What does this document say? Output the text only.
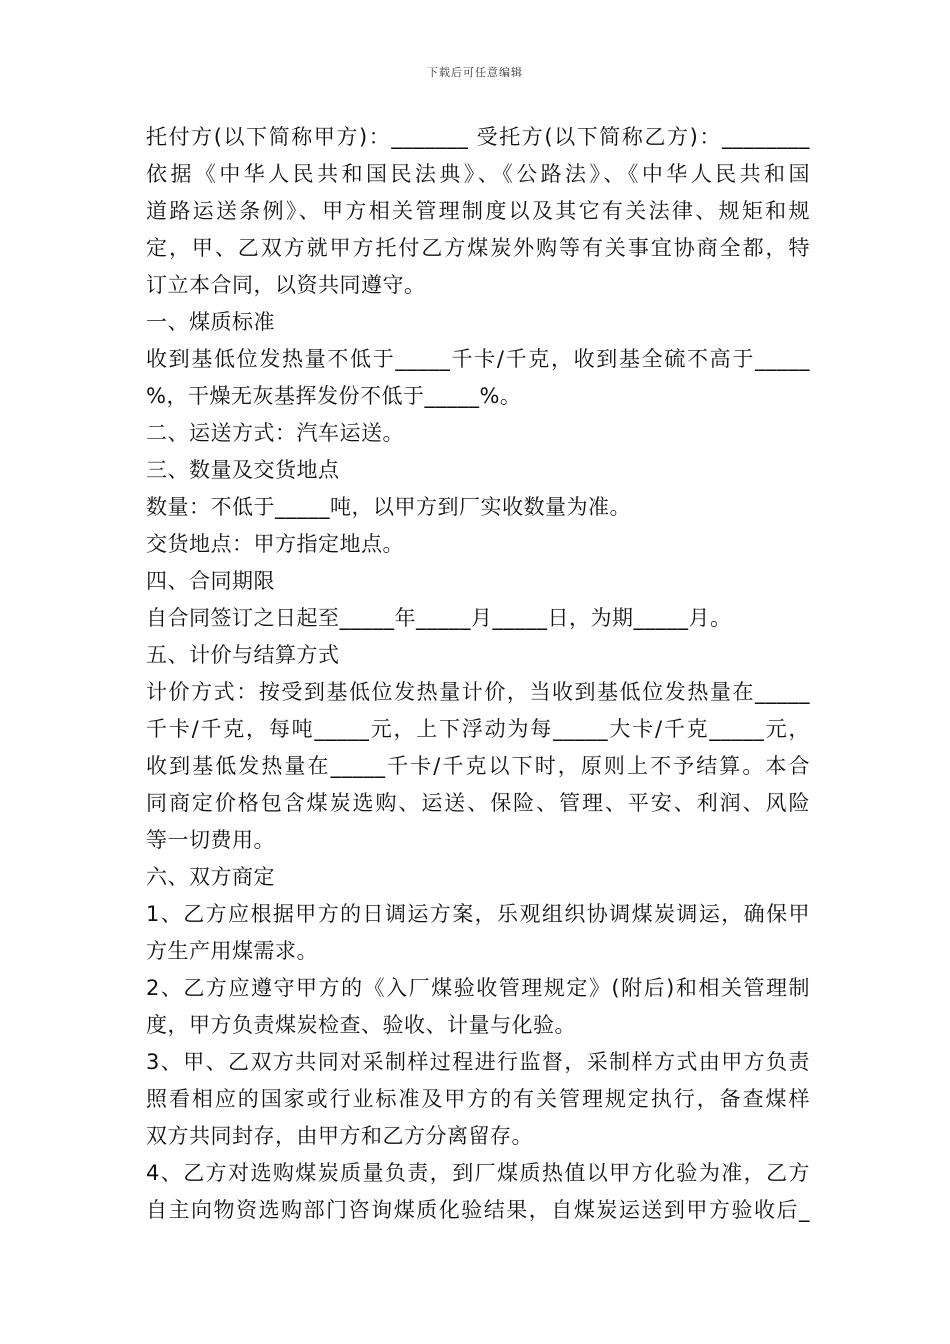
下载后可任意编辑
托付方(以下简称甲方)：_______ 受托方(以下简称乙方)：________
依据《中华人民共和国民法典》、《公路法》、《中华人民共和国
道路运送条例》、甲方相关管理制度以及其它有关法律、规矩和规
定，甲、乙双方就甲方托付乙方煤炭外购等有关事宜协商全都，特
订立本合同，以资共同遵守。
一、煤质标准
收到基低位发热量不低于_____千卡/千克，收到基全硫不高于_____
%，干燥无灰基挥发份不低于_____%。
二、运送方式：汽车运送。
三、数量及交货地点
数量：不低于_____吨，以甲方到厂实收数量为准。
交货地点：甲方指定地点。
四、合同期限
自合同签订之日起至_____年_____月_____日，为期_____月。
五、计价与结算方式
计价方式：按受到基低位发热量计价，当收到基低位发热量在_____
千卡/千克，每吨_____元，上下浮动为每_____大卡/千克_____元，
收到基低发热量在_____千卡/千克以下时，原则上不予结算。本合
同商定价格包含煤炭选购、运送、保险、管理、平安、利润、风险
等一切费用。
六、双方商定
1、乙方应根据甲方的日调运方案，乐观组织协调煤炭调运，确保甲
方生产用煤需求。
2、乙方应遵守甲方的《入厂煤验收管理规定》(附后)和相关管理制
度，甲方负责煤炭检查、验收、计量与化验。
3、甲、乙双方共同对采制样过程进行监督，采制样方式由甲方负责
照看相应的国家或行业标准及甲方的有关管理规定执行，备查煤样
双方共同封存，由甲方和乙方分离留存。
4、乙方对选购煤炭质量负责，到厂煤质热值以甲方化验为准，乙方
自主向物资选购部门咨询煤质化验结果，自煤炭运送到甲方验收后_
